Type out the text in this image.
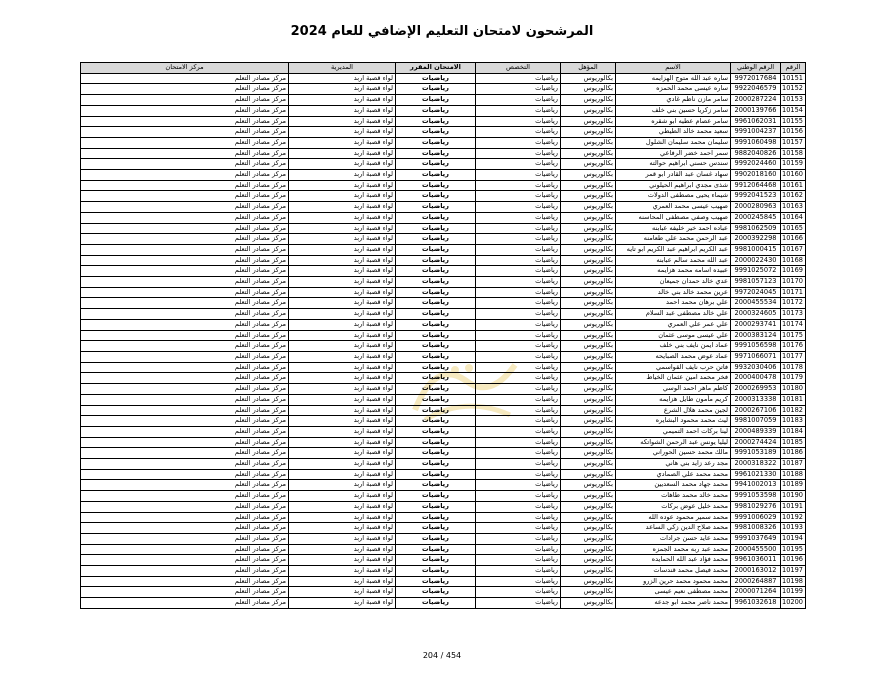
المرشحون لامتحان التعليم الإضافي للعام 2024
الرقم	الرقم الوطني	الاسم	المؤهل	التخصص	الامتحان المقرر	المديرية	مركز الامتحان
10151	9972017684	ساره عبد الله متوج الهزايمه	بكالوريوس	رياضيات	رياضيات	لواء قصبة اربد	مركز مصادر التعلم
10152	9922046579	ساره عيسى محمد الحمزه	بكالوريوس	رياضيات	رياضيات	لواء قصبة اربد	مركز مصادر التعلم
10153	2000287224	سامر مازن ناظم غادي	بكالوريوس	رياضيات	رياضيات	لواء قصبة اربد	مركز مصادر التعلم
10154	2000139766	سامر زكريا حسين بني خلف	بكالوريوس	رياضيات	رياضيات	لواء قصبة اربد	مركز مصادر التعلم
10155	9961062031	سامر عصام عطيه ابو شقره	بكالوريوس	رياضيات	رياضيات	لواء قصبة اربد	مركز مصادر التعلم
10156	9991004237	سعيد محمد خالد الطيطي	بكالوريوس	رياضيات	رياضيات	لواء قصبة اربد	مركز مصادر التعلم
10157	9991060498	سليمان محمد سليمان الشلول	بكالوريوس	رياضيات	رياضيات	لواء قصبة اربد	مركز مصادر التعلم
10158	9882040826	سمر احمد خضر الرفاعي	بكالوريوس	رياضيات	رياضيات	لواء قصبة اربد	مركز مصادر التعلم
10159	9992024460	سندس حسني ابراهيم حوالته	بكالوريوس	رياضيات	رياضيات	لواء قصبة اربد	مركز مصادر التعلم
10160	9902018160	سهاد غسان عبد القادر ابو قمر	بكالوريوس	رياضيات	رياضيات	لواء قصبة اربد	مركز مصادر التعلم
10161	9912064468	شذى مجدي ابراهيم الحيلوني	بكالوريوس	رياضيات	رياضيات	لواء قصبة اربد	مركز مصادر التعلم
10162	9992041523	شيماء يحيى مصطفى الدولات	بكالوريوس	رياضيات	رياضيات	لواء قصبة اربد	مركز مصادر التعلم
10163	2000280963	صهيب عيسى محمد العمري	بكالوريوس	رياضيات	رياضيات	لواء قصبة اربد	مركز مصادر التعلم
10164	2000245845	صهيب وصفي مصطفى المحاسنه	بكالوريوس	رياضيات	رياضيات	لواء قصبة اربد	مركز مصادر التعلم
10165	9981062509	عباده احمد خير خليفه عبابنه	بكالوريوس	رياضيات	رياضيات	لواء قصبة اربد	مركز مصادر التعلم
10166	2000392298	عبد الرحمن محمد علي طعامنه	بكالوريوس	رياضيات	رياضيات	لواء قصبة اربد	مركز مصادر التعلم
10167	9981000415	عبد الكريم ابراهيم عبد الكريم ابو تايه	بكالوريوس	رياضيات	رياضيات	لواء قصبة اربد	مركز مصادر التعلم
10168	2000022430	عبد الله محمد سالم عبابنه	بكالوريوس	رياضيات	رياضيات	لواء قصبة اربد	مركز مصادر التعلم
10169	9991025072	عبيده اسامه محمد هزايمه	بكالوريوس	رياضيات	رياضيات	لواء قصبة اربد	مركز مصادر التعلم
10170	9981057123	عدي خالد حمدان جميعان	بكالوريوس	رياضيات	رياضيات	لواء قصبة اربد	مركز مصادر التعلم
10171	9972024045	عرين محمد خالد بني خالد	بكالوريوس	رياضيات	رياضيات	لواء قصبة اربد	مركز مصادر التعلم
10172	2000455534	علي برهان محمد احمد	بكالوريوس	رياضيات	رياضيات	لواء قصبة اربد	مركز مصادر التعلم
10173	2000324605	علي خالد مصطفى عبد السلام	بكالوريوس	رياضيات	رياضيات	لواء قصبة اربد	مركز مصادر التعلم
10174	2000293741	علي عمر علي العمري	بكالوريوس	رياضيات	رياضيات	لواء قصبة اربد	مركز مصادر التعلم
10175	2000383124	علي عيسى موسى عثمان	بكالوريوس	رياضيات	رياضيات	لواء قصبة اربد	مركز مصادر التعلم
10176	9991056598	عماد ايمن نايف بني خلف	بكالوريوس	رياضيات	رياضيات	لواء قصبة اربد	مركز مصادر التعلم
10177	9971066071	عماد عوض محمد الصبايحه	بكالوريوس	رياضيات	رياضيات	لواء قصبة اربد	مركز مصادر التعلم
10178	9932030406	فاتن حرب نايف القواسمي	بكالوريوس	رياضيات	رياضيات	لواء قصبة اربد	مركز مصادر التعلم
10179	2000400478	فخر محمد امين عثمان الخياط	بكالوريوس	رياضيات	رياضيات	لواء قصبة اربد	مركز مصادر التعلم
10180	2000269953	كاظم ماهر احمد الوسي	بكالوريوس	رياضيات	رياضيات	لواء قصبة اربد	مركز مصادر التعلم
10181	2000313338	كريم مأمون طايل هزايمه	بكالوريوس	رياضيات	رياضيات	لواء قصبة اربد	مركز مصادر التعلم
10182	2000267106	لجين محمد هلال الشرع	بكالوريوس	رياضيات	رياضيات	لواء قصبة اربد	مركز مصادر التعلم
10183	9981007059	ليث محمد محمود البشايره	بكالوريوس	رياضيات	رياضيات	لواء قصبة اربد	مركز مصادر التعلم
10184	2000489339	لينا بركات احمد التميمي	بكالوريوس	رياضيات	رياضيات	لواء قصبة اربد	مركز مصادر التعلم
10185	2000274424	ليليا يونس عبد الرحمن الشواتكه	بكالوريوس	رياضيات	رياضيات	لواء قصبة اربد	مركز مصادر التعلم
10186	9991053189	مالك محمد حسين الحوراني	بكالوريوس	رياضيات	رياضيات	لواء قصبة اربد	مركز مصادر التعلم
10187	2000318322	مجد رعد زايد بني هاني	بكالوريوس	رياضيات	رياضيات	لواء قصبة اربد	مركز مصادر التعلم
10188	9961021330	محمد محمد علي الصمادي	بكالوريوس	رياضيات	رياضيات	لواء قصبة اربد	مركز مصادر التعلم
10189	9941002013	محمد جهاد محمد السعديين	بكالوريوس	رياضيات	رياضيات	لواء قصبة اربد	مركز مصادر التعلم
10190	9991053598	محمد خالد محمد طاهات	بكالوريوس	رياضيات	رياضيات	لواء قصبة اربد	مركز مصادر التعلم
10191	9981029276	محمد خليل عوض بركات	بكالوريوس	رياضيات	رياضيات	لواء قصبة اربد	مركز مصادر التعلم
10192	9991006029	محمد سمير محمود عوده الله	بكالوريوس	رياضيات	رياضيات	لواء قصبة اربد	مركز مصادر التعلم
10193	9981008326	محمد صلاح الدين زكي الساعد	بكالوريوس	رياضيات	رياضيات	لواء قصبة اربد	مركز مصادر التعلم
10194	9991037649	محمد عايد حسن جرادات	بكالوريوس	رياضيات	رياضيات	لواء قصبة اربد	مركز مصادر التعلم
10195	2000455500	محمد عبد ربه محمد الجمزه	بكالوريوس	رياضيات	رياضيات	لواء قصبة اربد	مركز مصادر التعلم
10196	9961036011	محمد فؤاد عبد الله الحمايده	بكالوريوس	رياضيات	رياضيات	لواء قصبة اربد	مركز مصادر التعلم
10197	2000163012	محمد فيصل محمد قندسات	بكالوريوس	رياضيات	رياضيات	لواء قصبة اربد	مركز مصادر التعلم
10198	2000264887	محمد محمود محمد حرين الزرو	بكالوريوس	رياضيات	رياضيات	لواء قصبة اربد	مركز مصادر التعلم
10199	2000071264	محمد مصطفى نعيم عيسى	بكالوريوس	رياضيات	رياضيات	لواء قصبة اربد	مركز مصادر التعلم
10200	9961032618	محمد ناصر محمد ابو جدعه	بكالوريوس	رياضيات	رياضيات	لواء قصبة اربد	مركز مصادر التعلم
204 / 454
